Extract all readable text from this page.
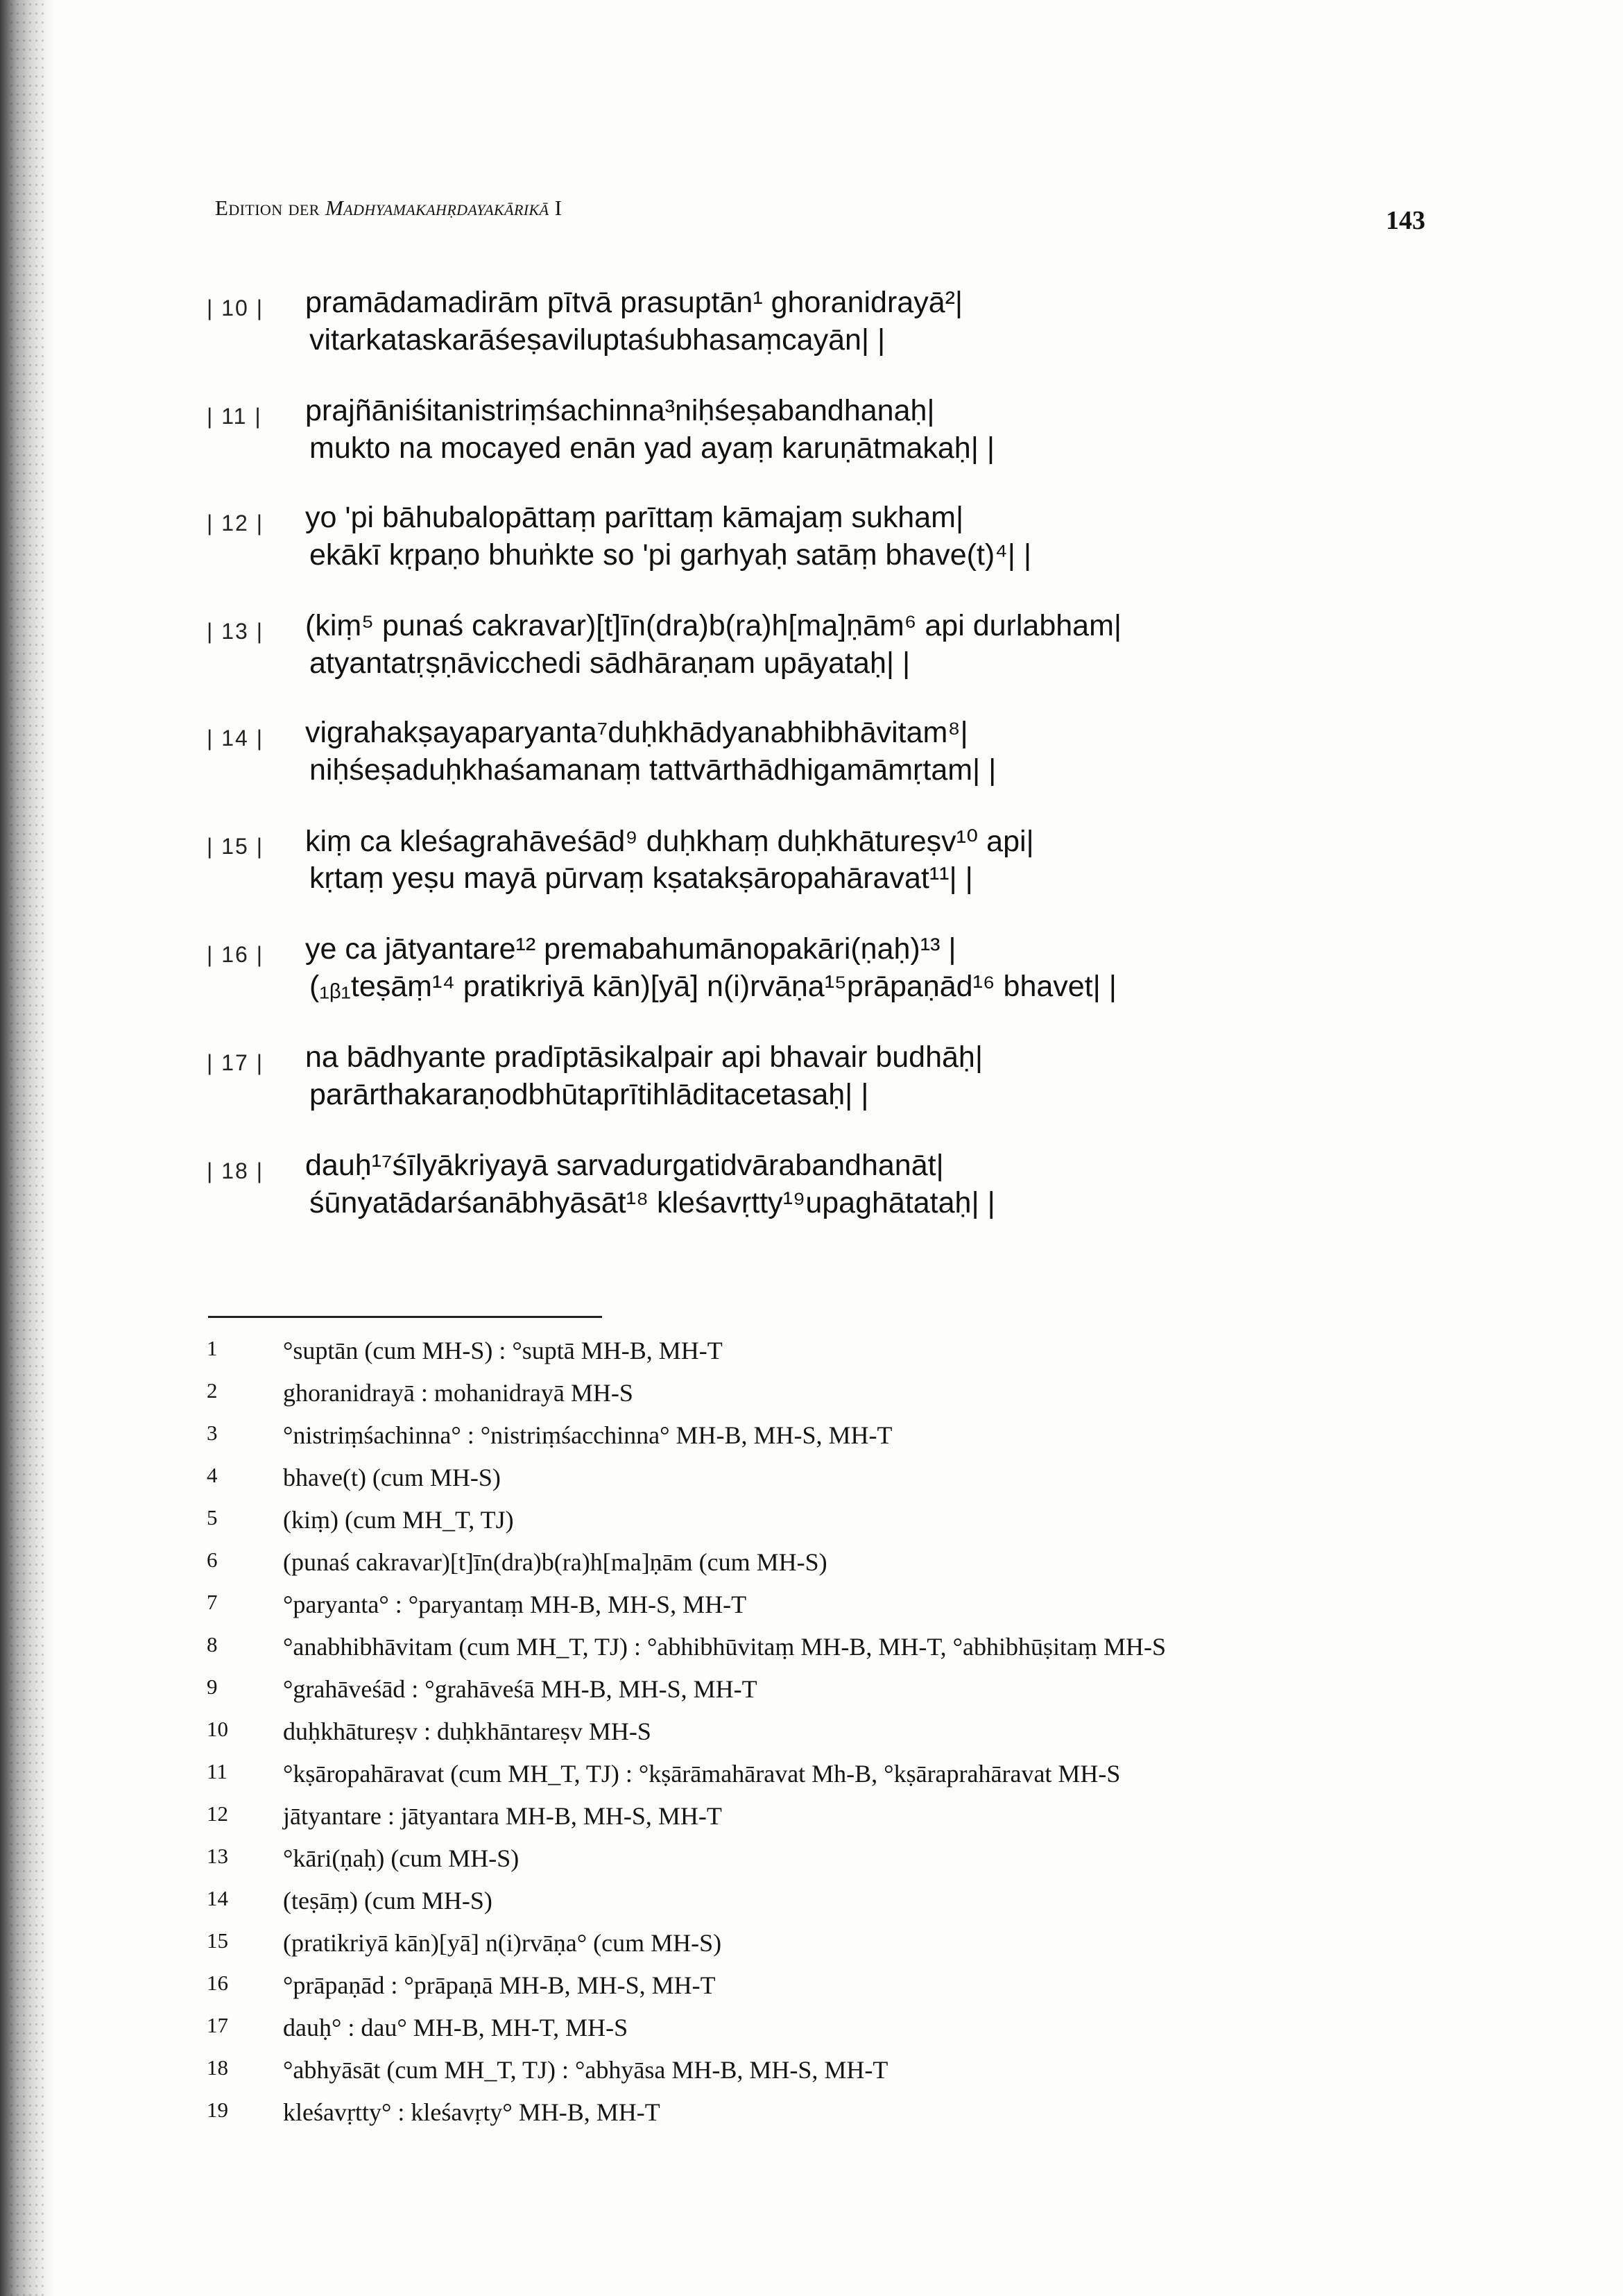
Edition der Madhyamakahṛdayakārikā I	143
| 10 | pramādamadirām pītvā prasuptān¹ ghoranidrayā²|
vitarkataskarāśeṣaviluptaśubhasaṃcayān| |
| 11 | prajñāniśitanistriṃśachinna³niḥśeṣabandhanaḥ|
mukto na mocayed enān yad ayaṃ karuṇātmakaḥ| |
| 12 | yo 'pi bāhubalopāttaṃ parīttaṃ kāmajaṃ sukham|
ekākī kṛpaṇo bhuṅkte so 'pi garhyaḥ satāṃ bhave(t)⁴| |
| 13 | (kiṃ⁵ punaś cakravar)[t]īn(dra)b(ra)h[ma]ṇām⁶ api durlabham|
atyantatṛṣṇāvicchedi sādhāraṇam upāyataḥ| |
| 14 | vigrahakṣayaparyanta⁷duḥkhādyanabhibhāvitam⁸|
niḥśeṣaduḥkhaśamanaṃ tattvārthādhigamāmṛtam| |
| 15 | kiṃ ca kleśagrahāveśād⁹ duḥkhaṃ duḥkhātureṣv¹⁰ api|
kṛtaṃ yeṣu mayā pūrvaṃ kṣatakṣāropahāravat¹¹| |
| 16 | ye ca jātyantare¹² premabahumānopakāri(ṇaḥ)¹³ |
(₁ᵦ₁teṣāṃ¹⁴ pratikriyā kān)[yā] n(i)rvāṇa¹⁵prāpaṇād¹⁶ bhavet| |
| 17 | na bādhyante pradīptāsikalpair api bhavair budhāḥ|
parārthakaraṇodbhūtaprītihlāditacetasaḥ| |
| 18 | dauḥ¹⁷śīlyākriyayā sarvadurgatidvārabandhanāt|
śūnyatādarśanābhyāsāt¹⁸ kleśavṛtty¹⁹upaghātataḥ| |
1	°suptān (cum MH-S) : °suptā MH-B, MH-T
2	ghoranidrayā : mohanidrayā MH-S
3	°nistriṃśachinna° : °nistriṃśacchinna° MH-B, MH-S, MH-T
4	bhave(t) (cum MH-S)
5	(kiṃ) (cum MH_T, TJ)
6	(punaś cakravar)[t]īn(dra)b(ra)h[ma]ṇām (cum MH-S)
7	°paryanta° : °paryantaṃ MH-B, MH-S, MH-T
8	°anabhibhāvitam (cum MH_T, TJ) : °abhibhūvitaṃ MH-B, MH-T, °abhibhūṣitaṃ MH-S
9	°grahāveśād : °grahāveśā MH-B, MH-S, MH-T
10	duḥkhātureṣv : duḥkhāntareṣv MH-S
11	°kṣāropahāravat (cum MH_T, TJ) : °kṣārāmahāravat Mh-B, °kṣāraprahāravat MH-S
12	jātyantare : jātyantara MH-B, MH-S, MH-T
13	°kāri(ṇaḥ) (cum MH-S)
14	(teṣāṃ) (cum MH-S)
15	(pratikriyā kān)[yā] n(i)rvāṇa° (cum MH-S)
16	°prāpaṇād : °prāpaṇā MH-B, MH-S, MH-T
17	dauḥ° : dau° MH-B, MH-T, MH-S
18	°abhyāsāt (cum MH_T, TJ) : °abhyāsa MH-B, MH-S, MH-T
19	kleśavṛtty° : kleśavṛty° MH-B, MH-T
